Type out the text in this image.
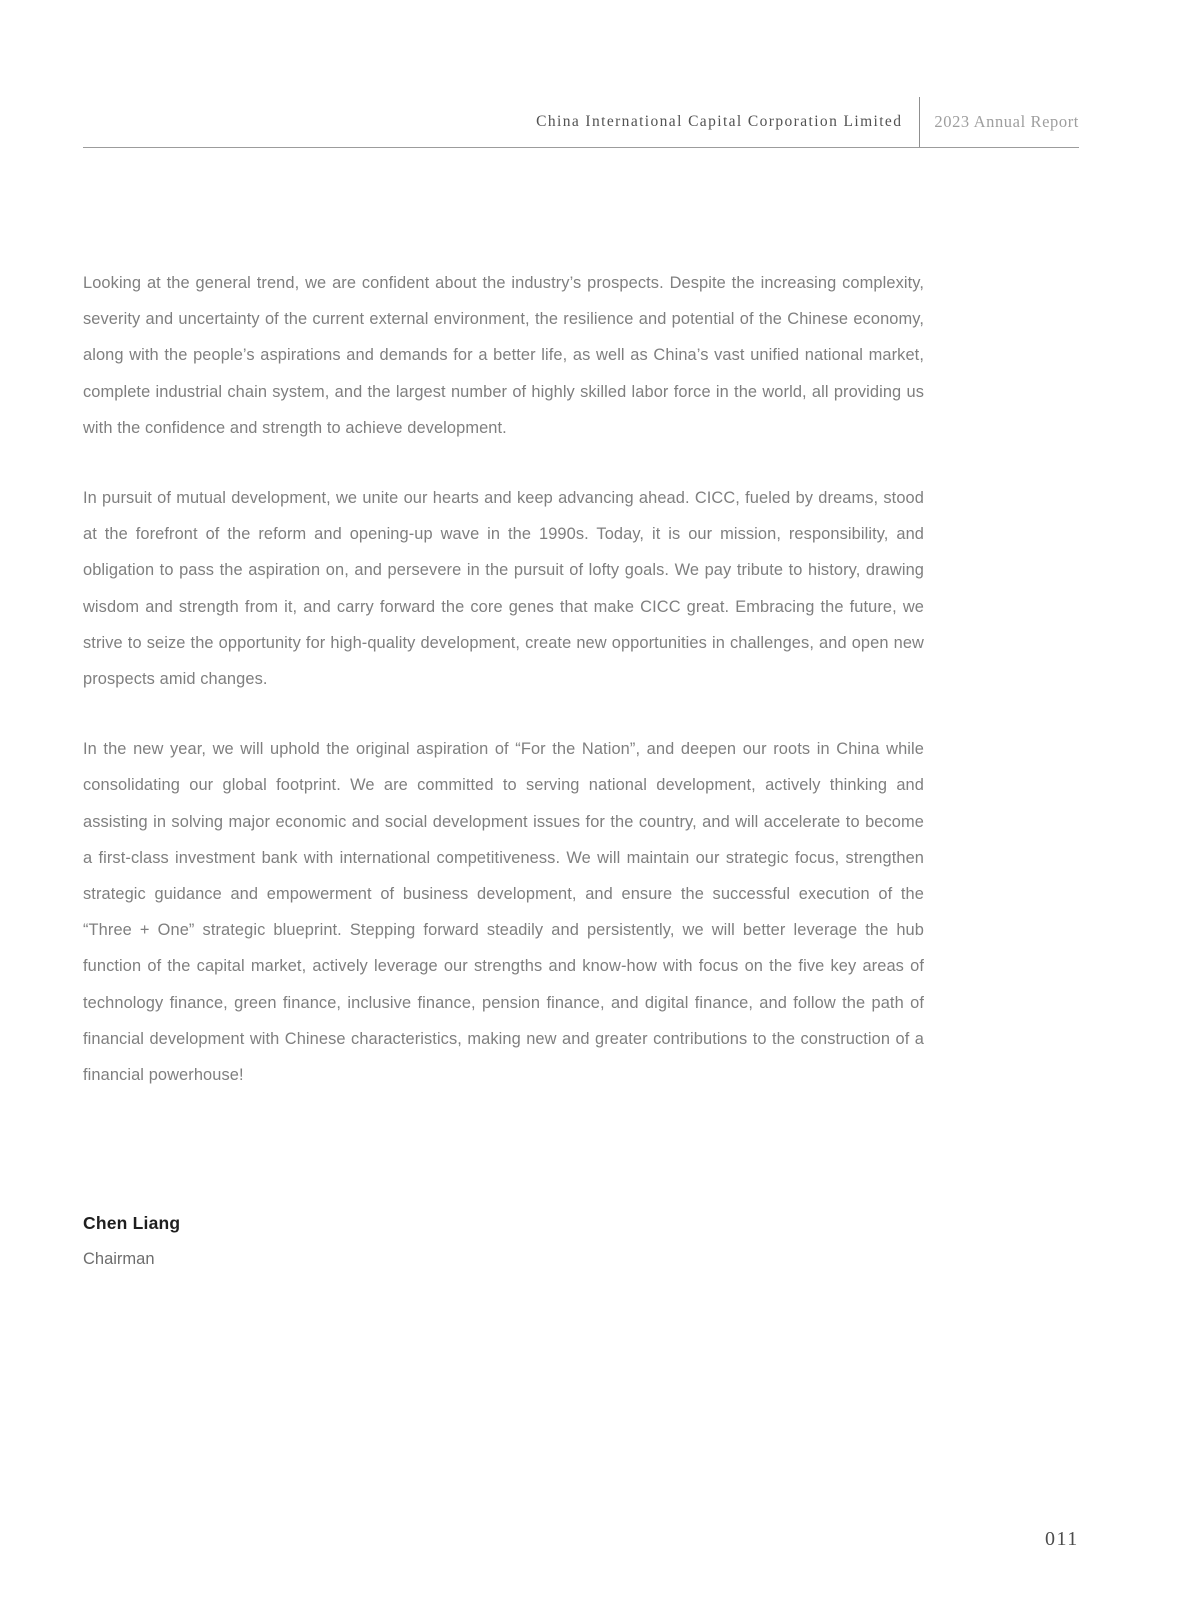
China International Capital Corporation Limited 2023 Annual Report

Looking at the general trend, we are confident about the industry’s prospects. Despite the increasing complexity, severity and uncertainty of the current external environment, the resilience and potential of the Chinese economy, along with the people’s aspirations and demands for a better life, as well as China’s vast unified national market, complete industrial chain system, and the largest number of highly skilled labor force in the world, all providing us with the confidence and strength to achieve development.

In pursuit of mutual development, we unite our hearts and keep advancing ahead. CICC, fueled by dreams, stood at the forefront of the reform and opening-up wave in the 1990s. Today, it is our mission, responsibility, and obligation to pass the aspiration on, and persevere in the pursuit of lofty goals. We pay tribute to history, drawing wisdom and strength from it, and carry forward the core genes that make CICC great. Embracing the future, we strive to seize the opportunity for high-quality development, create new opportunities in challenges, and open new prospects amid changes.

In the new year, we will uphold the original aspiration of “For the Nation”, and deepen our roots in China while consolidating our global footprint. We are committed to serving national development, actively thinking and assisting in solving major economic and social development issues for the country, and will accelerate to become a first-class investment bank with international competitiveness. We will maintain our strategic focus, strengthen strategic guidance and empowerment of business development, and ensure the successful execution of the “Three + One” strategic blueprint. Stepping forward steadily and persistently, we will better leverage the hub function of the capital market, actively leverage our strengths and know-how with focus on the five key areas of technology finance, green finance, inclusive finance, pension finance, and digital finance, and follow the path of financial development with Chinese characteristics, making new and greater contributions to the construction of a financial powerhouse!

Chen Liang

Chairman

011
